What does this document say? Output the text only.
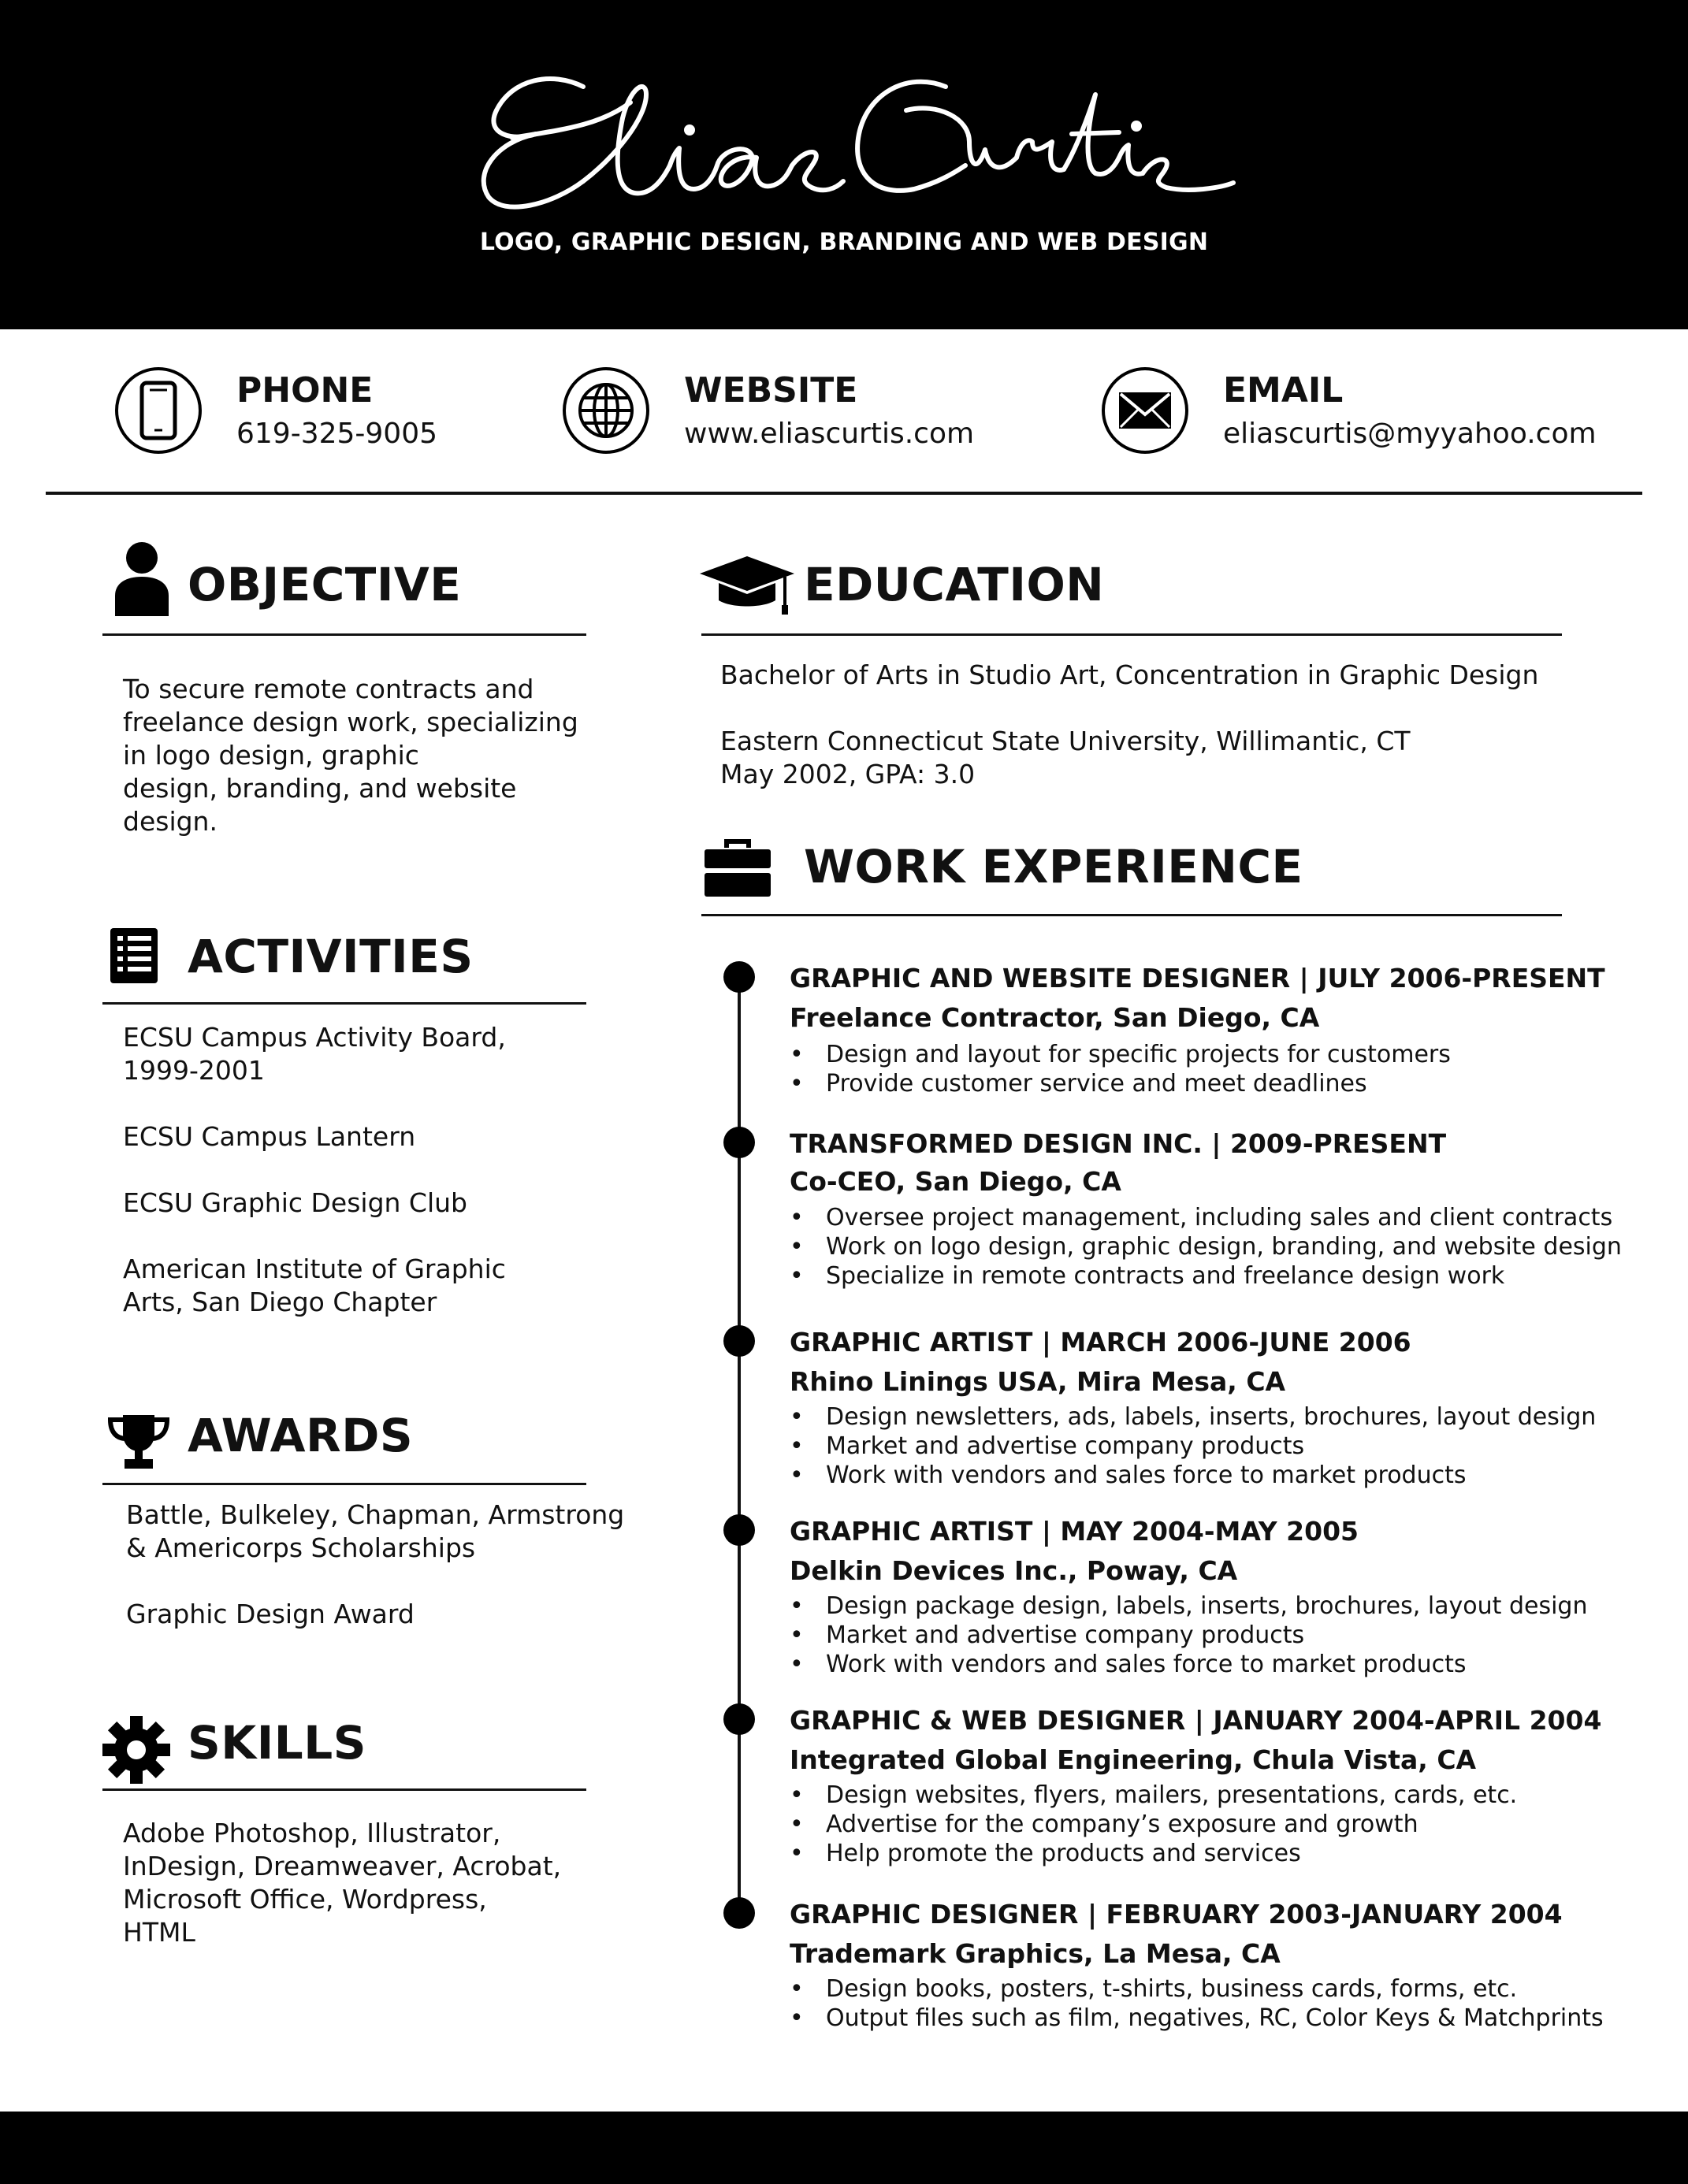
LOGO, GRAPHIC DESIGN, BRANDING AND WEB DESIGN
PHONE
619-325-9005
WEBSITE
www.eliascurtis.com
EMAIL
eliascurtis@myyahoo.com
OBJECTIVE
To secure remote contracts and
freelance design work, specializing
in logo design, graphic
design, branding, and website
design.
ACTIVITIES
ECSU Campus Activity Board,
1999-2001
ECSU Campus Lantern
ECSU Graphic Design Club
American Institute of Graphic
Arts, San Diego Chapter
AWARDS
Battle, Bulkeley, Chapman, Armstrong
& Americorps Scholarships
Graphic Design Award
SKILLS
Adobe Photoshop, Illustrator,
InDesign, Dreamweaver, Acrobat,
Microsoft Office, Wordpress,
HTML
EDUCATION
Bachelor of Arts in Studio Art, Concentration in Graphic Design
Eastern Connecticut State University, Willimantic, CT
May 2002, GPA: 3.0
WORK EXPERIENCE
GRAPHIC AND WEBSITE DESIGNER | JULY 2006-PRESENT
Freelance Contractor, San Diego, CA
• Design and layout for specific projects for customers
• Provide customer service and meet deadlines
TRANSFORMED DESIGN INC. | 2009-PRESENT
Co-CEO, San Diego, CA
• Oversee project management, including sales and client contracts
• Work on logo design, graphic design, branding, and website design
• Specialize in remote contracts and freelance design work
GRAPHIC ARTIST | MARCH 2006-JUNE 2006
Rhino Linings USA, Mira Mesa, CA
• Design newsletters, ads, labels, inserts, brochures, layout design
• Market and advertise company products
• Work with vendors and sales force to market products
GRAPHIC ARTIST | MAY 2004-MAY 2005
Delkin Devices Inc., Poway, CA
• Design package design, labels, inserts, brochures, layout design
• Market and advertise company products
• Work with vendors and sales force to market products
GRAPHIC & WEB DESIGNER | JANUARY 2004-APRIL 2004
Integrated Global Engineering, Chula Vista, CA
• Design websites, flyers, mailers, presentations, cards, etc.
• Advertise for the company’s exposure and growth
• Help promote the products and services
GRAPHIC DESIGNER | FEBRUARY 2003-JANUARY 2004
Trademark Graphics, La Mesa, CA
• Design books, posters, t-shirts, business cards, forms, etc.
• Output files such as film, negatives, RC, Color Keys & Matchprints
